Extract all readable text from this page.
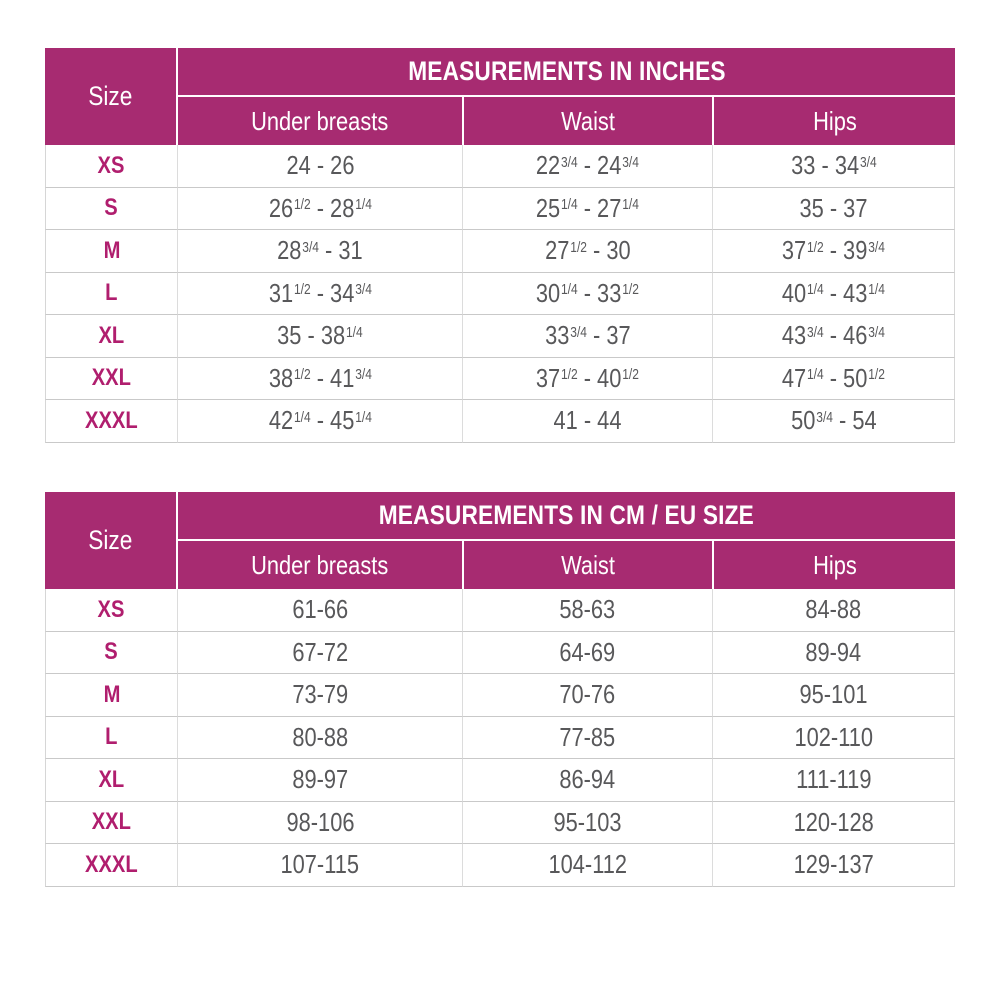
Size	MEASUREMENTS IN INCHES		
	Under breasts	Waist	Hips
XS	24 - 26	$22^{3/4} - 24^{3/4}$	$33 - 34^{3/4}$
S	$26^{1/2} - 28^{1/4}$	$25^{1/4} - 27^{1/4}$	35 - 37
M	$28^{3/4} - 31$	$27^{1/2} - 30$	$37^{1/2} - 39^{3/4}$
L	$31^{1/2} - 34^{3/4}$	$30^{1/4} - 33^{1/2}$	$40^{1/4} - 43^{1/4}$
XL	$35 - 38^{1/4}$	$33^{3/4} - 37$	$43^{3/4} - 46^{3/4}$
XXL	$38^{1/2} - 41^{3/4}$	$37^{1/2} - 40^{1/2}$	$47^{1/4} - 50^{1/2}$
XXXL	$42^{1/4} - 45^{1/4}$	41 - 44	$50^{3/4} - 54$
Size	MEASUREMENTS IN CM / EU SIZE		
	Under breasts	Waist	Hips
XS	61-66	58-63	84-88
S	67-72	64-69	89-94
M	73-79	70-76	95-101
L	80-88	77-85	102-110
XL	89-97	86-94	111-119
XXL	98-106	95-103	120-128
XXXL	107-115	104-112	129-137
